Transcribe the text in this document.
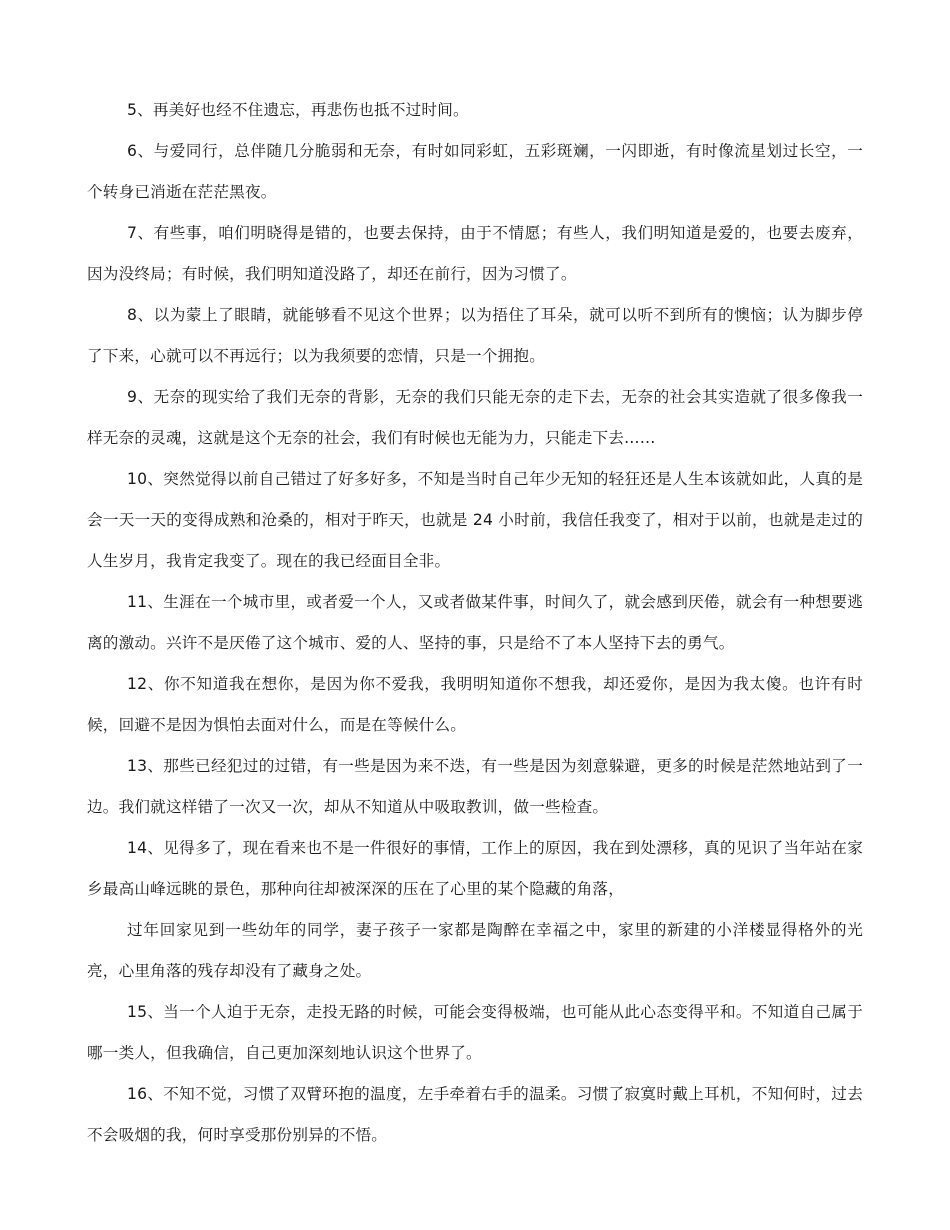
5、再美好也经不住遗忘，再悲伤也抵不过时间。

6、与爱同行，总伴随几分脆弱和无奈，有时如同彩虹，五彩斑斓，一闪即逝，有时像流星划过长空，一个转身已消逝在茫茫黑夜。

7、有些事，咱们明晓得是错的，也要去保持，由于不情愿；有些人，我们明知道是爱的，也要去废弃，因为没终局；有时候，我们明知道没路了，却还在前行，因为习惯了。

8、以为蒙上了眼睛，就能够看不见这个世界；以为捂住了耳朵，就可以听不到所有的懊恼；认为脚步停了下来，心就可以不再远行；以为我须要的恋情，只是一个拥抱。

9、无奈的现实给了我们无奈的背影，无奈的我们只能无奈的走下去，无奈的社会其实造就了很多像我一样无奈的灵魂，这就是这个无奈的社会，我们有时候也无能为力，只能走下去……

10、突然觉得以前自己错过了好多好多，不知是当时自己年少无知的轻狂还是人生本该就如此，人真的是会一天一天的变得成熟和沧桑的，相对于昨天，也就是 24 小时前，我信任我变了，相对于以前，也就是走过的人生岁月，我肯定我变了。现在的我已经面目全非。

11、生涯在一个城市里，或者爱一个人，又或者做某件事，时间久了，就会感到厌倦，就会有一种想要逃离的激动。兴许不是厌倦了这个城市、爱的人、坚持的事，只是给不了本人坚持下去的勇气。

12、你不知道我在想你，是因为你不爱我，我明明知道你不想我，却还爱你，是因为我太傻。也许有时候，回避不是因为惧怕去面对什么，而是在等候什么。

13、那些已经犯过的过错，有一些是因为来不迭，有一些是因为刻意躲避，更多的时候是茫然地站到了一边。我们就这样错了一次又一次，却从不知道从中吸取教训，做一些检查。

14、见得多了，现在看来也不是一件很好的事情，工作上的原因，我在到处漂移，真的见识了当年站在家乡最高山峰远眺的景色，那种向往却被深深的压在了心里的某个隐藏的角落，

过年回家见到一些幼年的同学，妻子孩子一家都是陶醉在幸福之中，家里的新建的小洋楼显得格外的光亮，心里角落的残存却没有了藏身之处。

15、当一个人迫于无奈，走投无路的时候，可能会变得极端，也可能从此心态变得平和。不知道自己属于哪一类人，但我确信，自己更加深刻地认识这个世界了。

16、不知不觉，习惯了双臂环抱的温度，左手牵着右手的温柔。习惯了寂寞时戴上耳机，不知何时，过去不会吸烟的我，何时享受那份别异的不悟。
